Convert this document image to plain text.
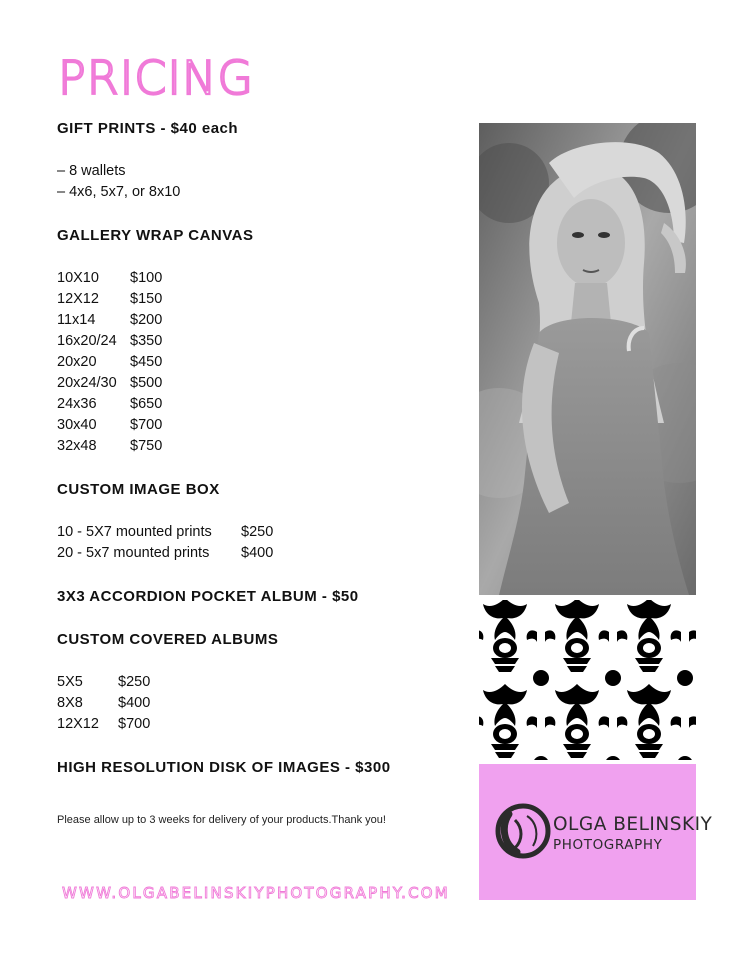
PRICING
GIFT PRINTS - $40 each
– 8 wallets
– 4x6, 5x7, or 8x10
GALLERY WRAP CANVAS
10X10	$100
12X12	$150
11x14	$200
16x20/24 $350
20x20	$450
20x24/30 $500
24x36	$650
30x40	$700
32x48	$750
CUSTOM IMAGE BOX
10 - 5X7 mounted prints	$250
20 - 5x7 mounted prints	$400
3X3 ACCORDION POCKET ALBUM - $50
CUSTOM COVERED ALBUMS
5X5	$250
8X8	$400
12X12	$700
HIGH RESOLUTION DISK OF IMAGES - $300
Please allow up to 3 weeks for delivery of your products.Thank you!
WWW.OLGABELINSKIYPHOTOGRAPHY.COM
OLGA BELINSKIY
PHOTOGRAPHY
